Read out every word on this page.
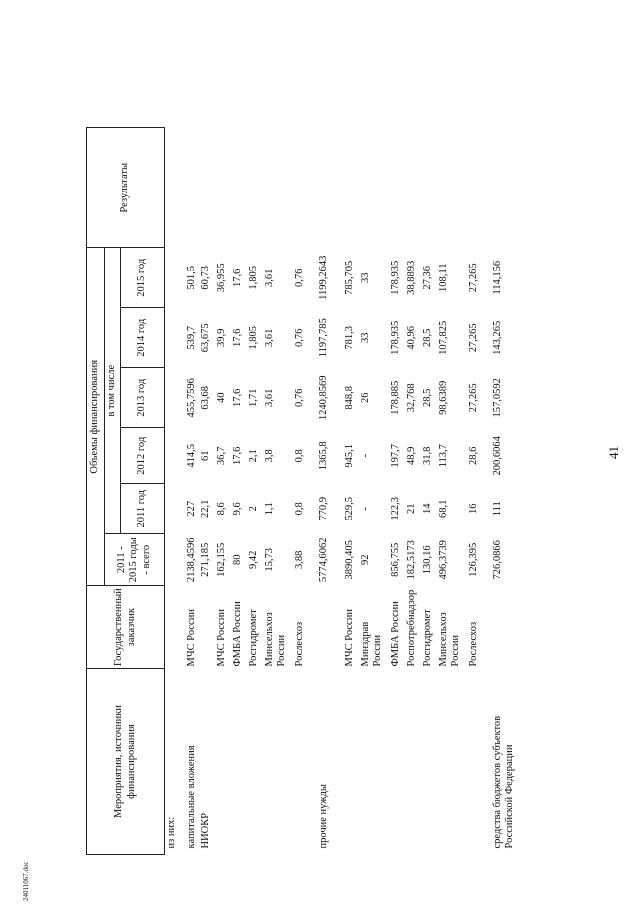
41
24011067.doc
Мероприятия, источники финансирования	Государственный заказчик	Объемы финансирования						Результаты
		2011 - 2015 годы - всего	в том числе					
			2011 год	2012 год	2013 год	2014 год	2015 год	
из них:								
капитальные вложения	МЧС России	2138,4596	227	414,5	455,7596	539,7	501,5	
НИОКР		271,185	22,1	61	63,68	63,675	60,73	
	МЧС России	162,155	8,6	36,7	40	39,9	36,955	
	ФМБА России	80	9,6	17,6	17,6	17,6	17,6	
	Росгидромет	9,42	2	2,1	1,71	1,805	1,805	
	Минсельхоз России	15,73	1,1	3,8	3,61	3,61	3,61	
	Рослесхоз	3,88	0,8	0,8	0,76	0,76	0,76	
прочие нужды		5774,6062	770,9	1365,8	1240,8569	1197,785	1199,2643	
	МЧС России	3890,405	529,5	945,1	848,8	781,3	785,705	
	Минздрав России	92	-	-	26	33	33	
	ФМБА России	856,755	122,3	197,7	178,885	178,935	178,935	
	Роспотребнадзор	182,5173	21	48,9	32,768	40,96	38,8893	
	Росгидромет	130,16	14	31,8	28,5	28,5	27,36	
	Минсельхоз России	496,3739	68,1	113,7	98,6389	107,825	108,11	
	Рослесхоз	126,395	16	28,6	27,265	27,265	27,265	
средства бюджетов субъектов Российской Федерации		726,0866	111	200,6064	157,0592	143,265	114,156	
